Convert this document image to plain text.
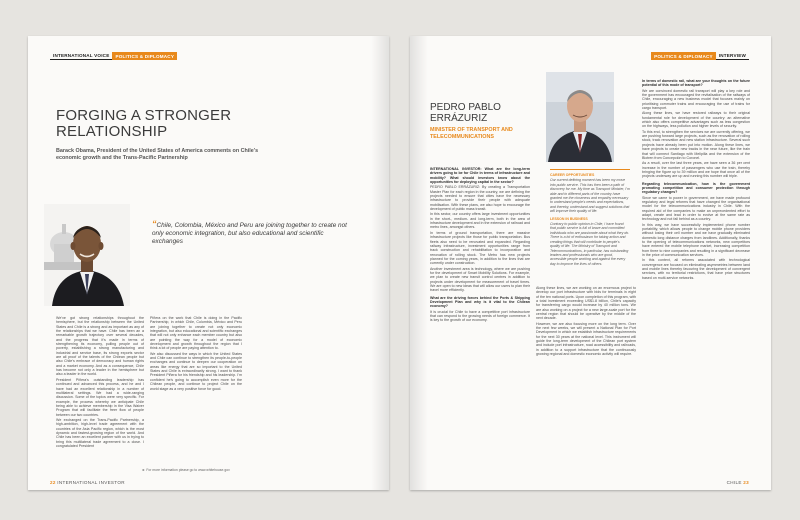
INTERNATIONAL VOICE	POLITICS & DIPLOMACY
FORGING A STRONGER RELATIONSHIP
Barack Obama, President of the United States of America comments on Chile’s economic growth and the Trans-Pacific Partnership
“Chile, Colombia, México and Peru are joining together to create not only economic integration, but also educational and scientific exchanges

We’ve got strong relationships throughout the hemisphere, but the relationship between the United States and Chile is a strong and as important as any of the relationships that we have. Chile has been an a remarkable growth trajectory over several decades, and the progress that it’s made in terms of strengthening its economy, pulling people out of poverty, establishing a strong manufacturing and industrial and service base, its strong exports sector are all proof of the talents of the Chilean people but also Chile’s embrace of democracy and human rights and a market economy. And as a consequence, Chile has become not only a leader in the hemisphere but also a leader in the world.

President Piñera’s outstanding leadership has continued and advanced this process, and he and I have had an excellent relationship in a number of multilateral settings. We had a wide-ranging discussion. Some of the topics were very specific. For example, the process whereby we anticipate Chile being able to achieve membership in the Visa Waiver Program that will facilitate the freer flow of people between our two countries.

We exchanged on the Trans-Pacific Partnership, a high-ambition, high-level trade agreement with the countries of the Asia Pacific region, which is the most dynamic and fastest-growing region of the world. And Chile has been an excellent partner with us in trying to bring this multilateral trade agreement to a close. I congratulated President

Piñera on the work that Chile is doing in the Pacific Partnership, in which Chile, Colombia, México and Peru are joining together to create not only economic integration, but also educational and scientific exchanges that will not only enhance each member country but also are pointing the way for a model of economic development and growth throughout the region that I think a lot of people are paying attention to.

We also discussed the ways in which the United States and Chile can continue to strengthen its people-to-people exchanges and continue to deepen our cooperation on areas like energy that are so important to the United States and Chile is extraordinarily strong. I want to thank President Piñera for his friendship and his leadership. I’m confident he’s going to accomplish even more for the Chilean people, and continue to project Chile on the world stage as a very positive force for good.

► For more information please go to www.whitehouse.gov
22 INTERNATIONAL INVESTOR
POLITICS & DIPLOMACY	INTERVIEW
PEDRO PABLO ERRÁZURIZ
MINISTER OF TRANSPORT AND TELECOMMUNICATIONS
CAREER OPPORTUNITIES
Our current defining moment has been my move into public service. This has then been a path of discovery for me. My time as Transport Minister, I’m able and in different parts of the country have granted me the closeness and empathy necessary to understand people’s needs and expectations, and thereby, understand and suggest solutions that will improve their quality of life.
LESSON IN BUSINESS
Contrary to public opinion in Chile, I have found that public service is full of brave and committed individuals who are passionate about what they do. There is a lot of enthusiasm for taking action and creating things that will contribute to people’s quality of life. The Ministry of Transport and Telecommunications, in particular, has outstanding leaders and professionals who are good, accessible people working and against the every day to improve the lives of others.

INTERNATIONAL INVESTOR: What are the long-term drivers going to be for Chile in terms of infrastructure and mobility? What should investors know about the opportunities for deploying capital in the sector?

PEDRO PABLO ERRÁZURIZ: By creating a Transportation Master Plan for each region in the country, we are defining the projects needed to ensure that cities have the necessary infrastructure to provide their people with adequate mobilisation. With these plans, we also hope to encourage the development of public mass transit.

In this sector, our country offers large investment opportunities in the short-, medium- and long-term, both in the area of infrastructure development and in the extension of railroad and metro lines, amongst others.

In terms of ground transportation, there are massive infrastructure projects like those for public transportation. Bus fleets also need to be renovated and expanded. Regarding railway infrastructure, investment opportunities range from track construction and rehabilitation to incorporation and renovation of rolling stock. The Metro has new projects planned for the coming years, in addition to the lines that are currently under construction.

Another investment area is technology, where we are pushing for the development of Smart Mobility Solutions. For example, we plan to create new transit control centres in addition to projects under development for measurement of travel times. We are open to new ideas that will allow our users to plan their travel more efficiently.

What are the driving forces behind the Ports & Shipping Development Plan and why is it vital to the Chilean economy?

It is crucial for Chile to have a competitive port infrastructure that can respond to the growing needs of foreign commerce. It is key to the growth of our economy.

Along these lines, we are working on an enormous project to develop our port infrastructure with bids for terminals in eight of the ten national ports. Upon completion of this program, with a total investment exceeding US$1.8 billion, Chile’s capacity for transferring cargo would increase by 40 million tons. We are also working on a project for a new large-scale port for the central region that should be operative by the middle of the next decade.

However, we are also focusing more on the long term. Over the next few weeks, we will present a National Plan for Port Development in which we establish infrastructure requirements for the next 30 years at the national level. This instrument will guide the long-term development of the Chilean port system and include port infrastructure, road accessibility and railroads, in addition to a support infrastructure that the continuously growing regional and domestic economic activity will require.

In terms of domestic rail, what are your thoughts on the future potential of this mode of transport?

We are convinced domestic rail transport will play a key role and the government has encouraged the revitalisation of the railways of Chile, encouraging a new business model that focuses mainly on prioritising commuter trains and encouraging the use of trains for cargo transport.

Along these lines, we have restored railways to their original fundamental role for development of the country: an alternative which also offers competitive advantages such as less congestion on the highways, less pollution and higher levels of security.

To this end, to strengthen the services we are currently offering, we are pushing forward large projects, such as the renovation of rolling stock, track renovation and new station infrastructure. Several such projects have already been put into motion. Along these lines, we have projects to create new tracks in the near future, like the train that will connect Santiago with Melipilla and the extension of the Biotren from Concepción to Coronel.

As a result, over the last three years, we have seen a 36 per cent increase in the number of passengers who use the train, thereby bringing the figure up to 39 million and we hope that once all of the projects underway are up and running this number will triple.

Regarding telecommunication, how is the government promoting competition and consumer protection through regulatory changes?

Since we came to power in government, we have made profound regulatory and legal reforms that have changed the organisational model for the telecommunications industry in Chile. With the required aid of the companies to make an unprecedented effort to adapt, create and lead in order to evolve at the same rate as technology and not fall behind as a country.

In this way, we have successfully implemented phone number portability, which allows people to change mobile phone providers without losing their cell number and we have gradually eliminated domestic long distance charges from landlines. Additionally, thanks to the opening of telecommunications networks, new competitors have entered the mobile telephone market, increasing competition from three to nine companies and resulting in a significant decrease in the price of communication services.

In this context, all reforms associated with technological convergence are focused on eliminating asymmetries between land and mobile lines thereby favouring the development of convergent services, with no territorial restrictions, that have price structures based on multi-service networks.

CHILE 23
